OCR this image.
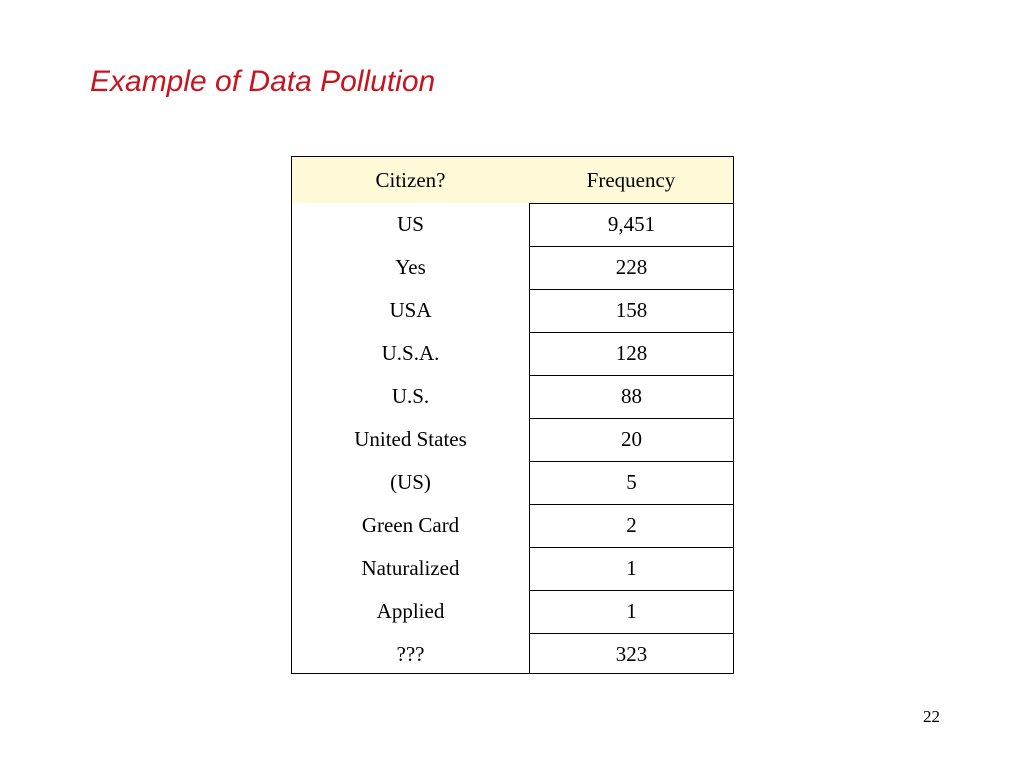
Example of Data Pollution
Citizen?	Frequency
US	9,451
Yes	228
USA	158
U.S.A.	128
U.S.	88
United States	20
(US)	5
Green Card	2
Naturalized	1
Applied	1
???	323
22
